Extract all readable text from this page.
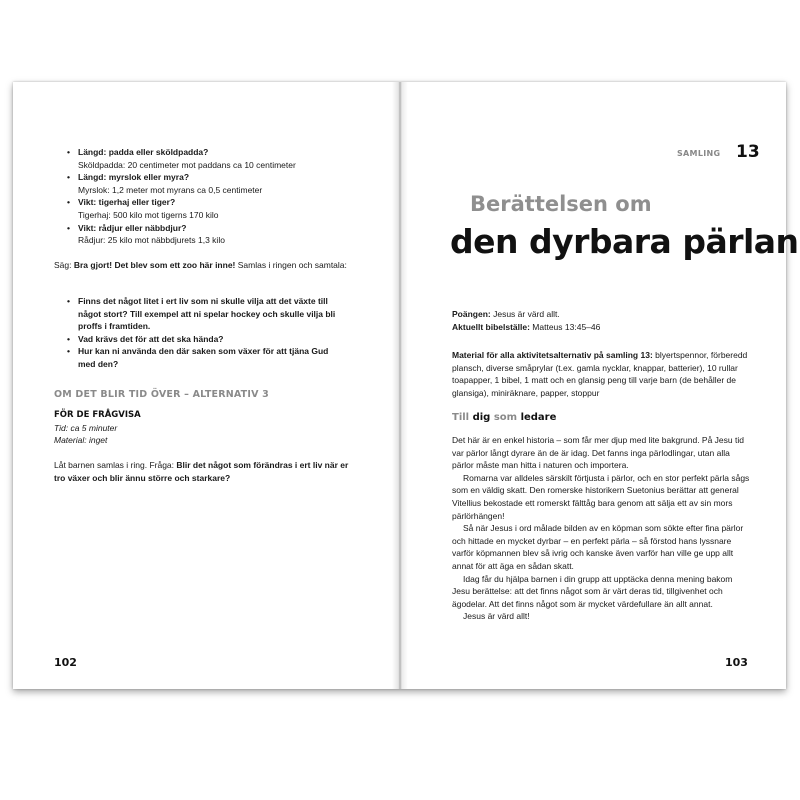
• Längd: padda eller sköldpadda?
Sköldpadda: 20 centimeter mot paddans ca 10 centimeter
• Längd: myrslok eller myra?
Myrslok: 1,2 meter mot myrans ca 0,5 centimeter
• Vikt: tigerhaj eller tiger?
Tigerhaj: 500 kilo mot tigerns 170 kilo
• Vikt: rådjur eller näbbdjur?
Rådjur: 25 kilo mot näbbdjurets 1,3 kilo
Säg: Bra gjort! Det blev som ett zoo här inne! Samlas i ringen och samtala:
• Finns det något litet i ert liv som ni skulle vilja att det växte till något stort? Till exempel att ni spelar hockey och skulle vilja bli proffs i framtiden.
• Vad krävs det för att det ska hända?
• Hur kan ni använda den där saken som växer för att tjäna Gud med den?
OM DET BLIR TID ÖVER – ALTERNATIV 3
FÖR DE FRÅGVISA
Tid: ca 5 minuter
Material: inget
Låt barnen samlas i ring. Fråga: Blir det något som förändras i ert liv när er tro växer och blir ännu större och starkare?
102
SAMLING 13
Berättelsen om
den dyrbara pärlan
Poängen: Jesus är värd allt.
Aktuellt bibelställe: Matteus 13:45–46
Material för alla aktivitetsalternativ på samling 13: blyertspennor, förberedd plansch, diverse småprylar (t.ex. gamla nycklar, knappar, batterier), 10 rullar toapapper, 1 bibel, 1 matt och en glansig peng till varje barn (de behåller de glansiga), miniräknare, papper, stoppur
Till dig som ledare
Det här är en enkel historia – som får mer djup med lite bakgrund. På Jesu tid var pärlor långt dyrare än de är idag. Det fanns inga pärlodlingar, utan alla pärlor måste man hitta i naturen och importera.
Romarna var alldeles särskilt förtjusta i pärlor, och en stor perfekt pärla sågs som en väldig skatt. Den romerske historikern Suetonius berättar att general Vitellius bekostade ett romerskt fälttåg bara genom att sälja ett av sin mors pärlörhängen!
Så när Jesus i ord målade bilden av en köpman som sökte efter fina pärlor och hittade en mycket dyrbar – en perfekt pärla – så förstod hans lyssnare varför köpmannen blev så ivrig och kanske även varför han ville ge upp allt annat för att äga en sådan skatt.
Idag får du hjälpa barnen i din grupp att upptäcka denna mening bakom Jesu berättelse: att det finns något som är värt deras tid, tillgivenhet och ägodelar. Att det finns något som är mycket värdefullare än allt annat.
Jesus är värd allt!
103
